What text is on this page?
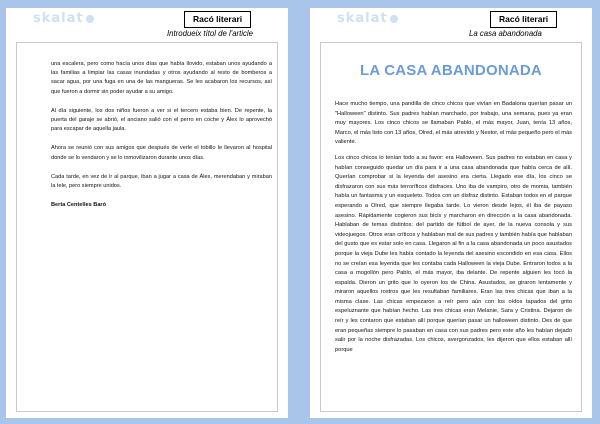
skalat	Racó literari
Introdueix títol de l'article

una escalera, pero como hacía unos días que había llovido, estaban unos ayudando a las familias a limpiar las casas inundadas y otros ayudando al resto de bomberos a sacar agua, por una fuga en una de las mangueras. Se les acabaron los recursos, así que fueron a dormir sin poder ayudar a su amigo.

Al día siguiente, los dos niños fueron a ver si el tercero estaba bien. De repente, la puerta del garaje se abrió, el anciano salió con el perro en coche y Álex lo aprovechó para escapar de aquella jaula.

Ahora se reunió con sus amigos que después de verle el tobillo le llevaron al hospital donde se lo vendaron y se lo inmovilizaron durante unos días.

Cada tarde, en vez de ir al parque, iban a jugar a casa de Álex, merendaban y miraban la tele, pero siempre unidos.

Berta Centelles Baró

skalat	Racó literari
La casa abandonada
LA CASA ABANDONADA

Hace mucho tiempo, una pandilla de cinco chicos que vivían en Badalona querían pasar un "Halloween" distinto. Sus padres habían marchado, por trabajo, una semana, pues ya eran muy mayores. Los cinco chicos se llamaban Pablo, el más mayor, Juan, tenía 13 años, Marco, el más listo con 13 años, Olred, el más atrevido y Nestor, el más pequeño pero el más valiente.

Los cinco chicos lo tenían todo a su favor: era Halloween. Sus padres no estaban en casa y habían conseguido quedar un día para ir a una casa abandonada que había cerca de allí. Querían comprobar si la leyenda del asesino era cierta. Llegado ese día, los cinco se disfrazaron con sus más terroríficos disfraces. Uno iba de vampiro, otro de momia, también había un fantasma y un esqueleto. Todos con un disfraz distinto. Estaban todos en el parque esperando a Olred, que siempre llegaba tarde. Lo vieron desde lejos, él iba de payaso asesino. Rápidamente cogieron sus bicis y marcharon en dirección a la casa abandonada. Hablaban de temas distintos: del partido de fútbol de ayer, de la nueva consola y sus videojuegos. Otros eran críticos y hablaban mal de sus padres y también había que hablaban del gusto que es estar solo en casa. Llegaron al fin a la casa abandonada un poco asustados porque la vieja Dube les había contado la leyenda del asesino escondido en esa casa. Ellos no se creían esa leyenda que les contaba cada Halloween la vieja Dube. Entraron todos a la casa a mogollón pero Pablo, el más mayor, iba delante. De repente alguien les tocó la espalda. Dieron un grito que lo oyeron los de China. Asustados, se giraron lentamente y miraron aquellos rostros que les resultaban familiares. Eran las tres chicas que iban a la misma clase. Las chicas empezaron a reír pero aún con los oídos tapados del grito espeluznante que habían hecho. Las tres chicas eran Melanie, Sara y Cristina. Dejaron de reír y les contaron que estaban allí porque querían pasar un halloween distinto. Des de que eran pequeñas siempre lo pasaban en casa con sus padres pero este año les habían dejado salir por la noche disfrazadas. Los chicos, avergonzados, les dijeron que ellos estaban allí porque
